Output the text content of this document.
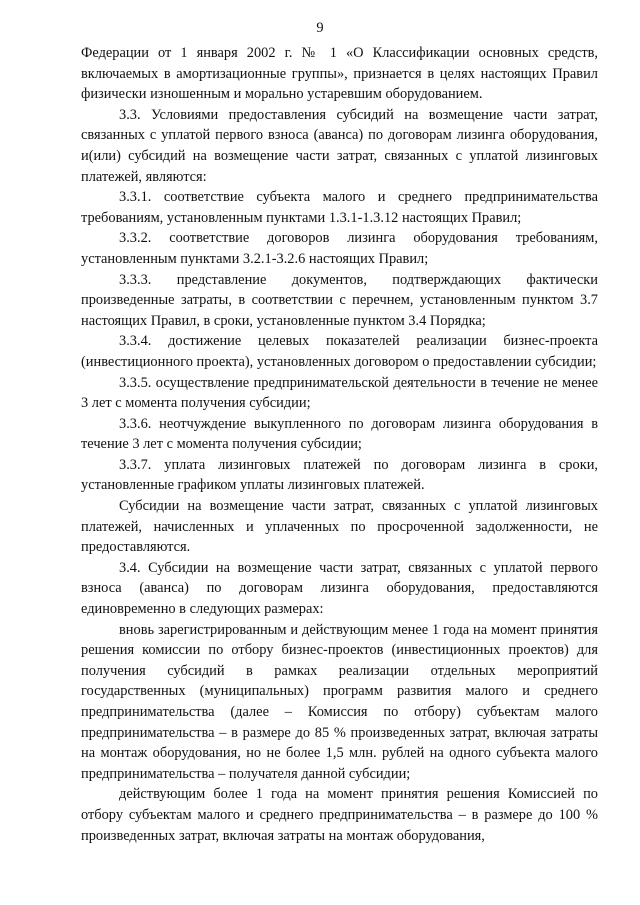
9

Федерации от 1 января 2002 г. № 1 «О Классификации основных средств, включаемых в амортизационные группы», признается в целях настоящих Правил физически изношенным и морально устаревшим оборудованием.

3.3. Условиями предоставления субсидий на возмещение части затрат, связанных с уплатой первого взноса (аванса) по договорам лизинга оборудования, и(или) субсидий на возмещение части затрат, связанных с уплатой лизинговых платежей, являются:

3.3.1. соответствие субъекта малого и среднего предпринимательства требованиям, установленным пунктами 1.3.1-1.3.12 настоящих Правил;

3.3.2. соответствие договоров лизинга оборудования требованиям, установленным пунктами 3.2.1-3.2.6 настоящих Правил;

3.3.3. представление документов, подтверждающих фактически произведенные затраты, в соответствии с перечнем, установленным пунктом 3.7 настоящих Правил, в сроки, установленные пунктом 3.4 Порядка;

3.3.4. достижение целевых показателей реализации бизнес-проекта (инвестиционного проекта), установленных договором о предоставлении субсидии;

3.3.5. осуществление предпринимательской деятельности в течение не менее 3 лет с момента получения субсидии;

3.3.6. неотчуждение выкупленного по договорам лизинга оборудования в течение 3 лет с момента получения субсидии;

3.3.7. уплата лизинговых платежей по договорам лизинга в сроки, установленные графиком уплаты лизинговых платежей.

Субсидии на возмещение части затрат, связанных с уплатой лизинговых платежей, начисленных и уплаченных по просроченной задолженности, не предоставляются.

3.4. Субсидии на возмещение части затрат, связанных с уплатой первого взноса (аванса) по договорам лизинга оборудования, предоставляются единовременно в следующих размерах:

вновь зарегистрированным и действующим менее 1 года на момент принятия решения комиссии по отбору бизнес-проектов (инвестиционных проектов) для получения субсидий в рамках реализации отдельных мероприятий государственных (муниципальных) программ развития малого и среднего предпринимательства (далее – Комиссия по отбору) субъектам малого предпринимательства – в размере до 85 % произведенных затрат, включая затраты на монтаж оборудования, но не более 1,5 млн. рублей на одного субъекта малого предпринимательства – получателя данной субсидии;

действующим более 1 года на момент принятия решения Комиссией по отбору субъектам малого и среднего предпринимательства – в размере до 100 % произведенных затрат, включая затраты на монтаж оборудования,
